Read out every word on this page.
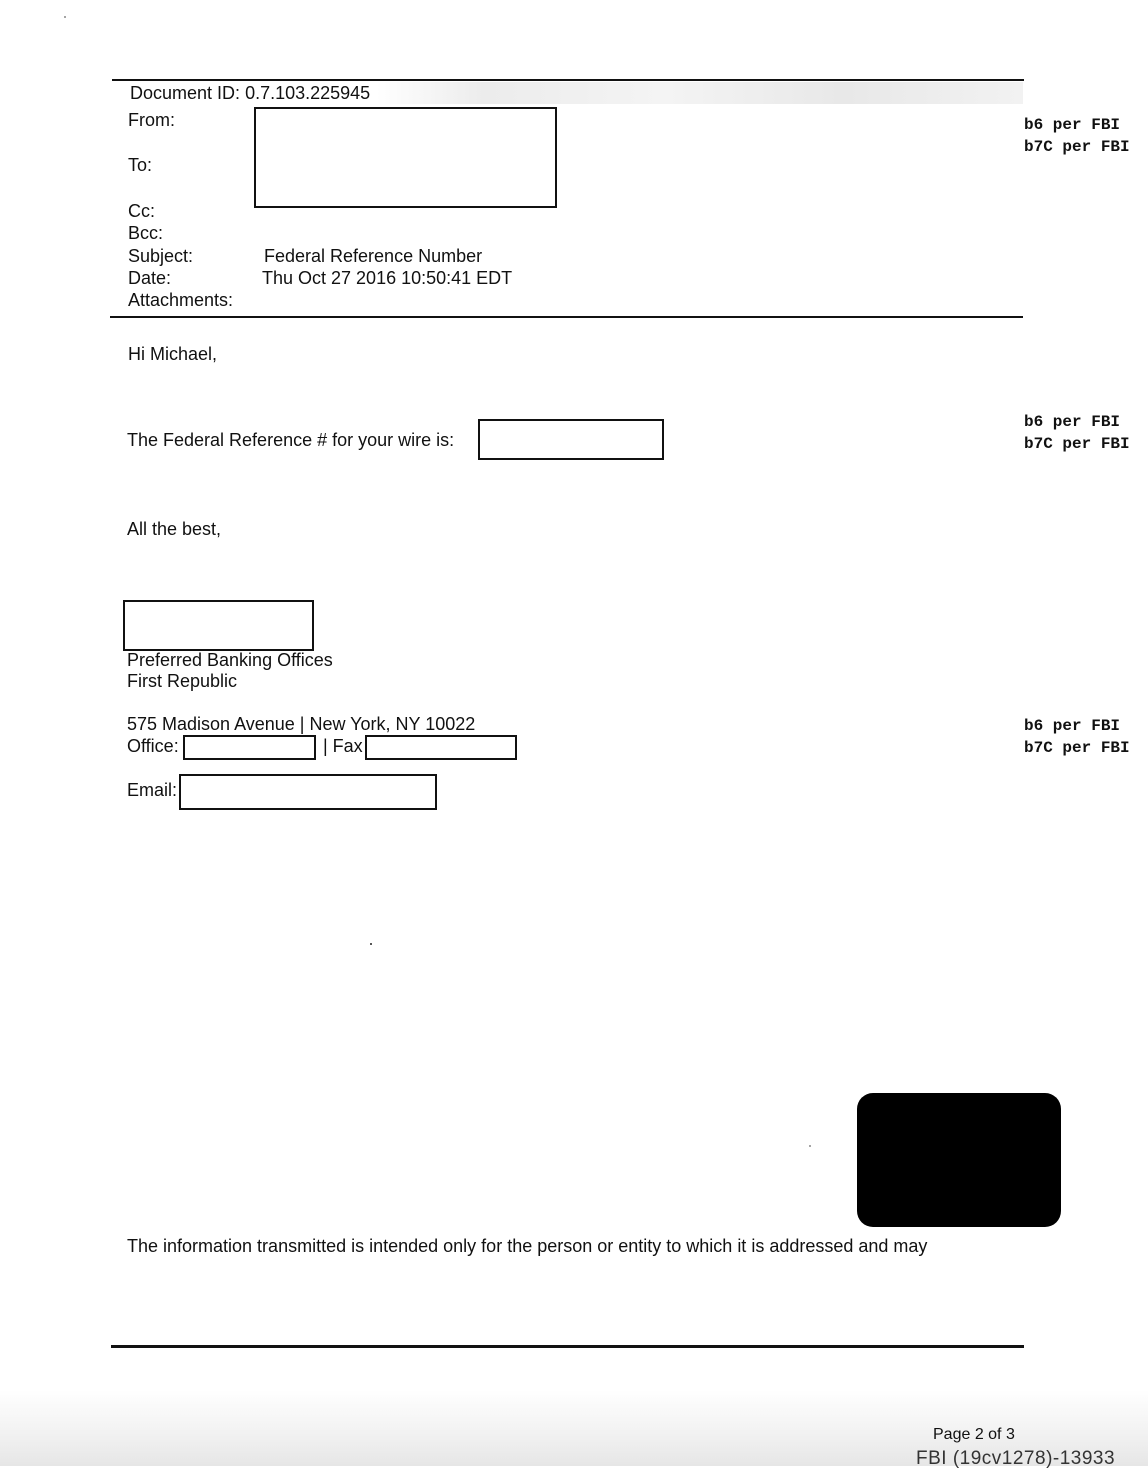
Document ID: 0.7.103.225945
From:
To:
Cc:
Bcc:
Subject:	Federal Reference Number
Date:	Thu Oct 27 2016 10:50:41 EDT
Attachments:
b6 per FBI
b7C per FBI
b6 per FBI
b7C per FBI
b6 per FBI
b7C per FBI
Hi Michael,
The Federal Reference # for your wire is:
All the best,
Preferred Banking Offices
First Republic
575 Madison Avenue | New York, NY 10022
Office:	| Fax
Email:
The information transmitted is intended only for the person or entity to which it is addressed and may
Page 2 of 3
FBI (19cv1278)-13933
